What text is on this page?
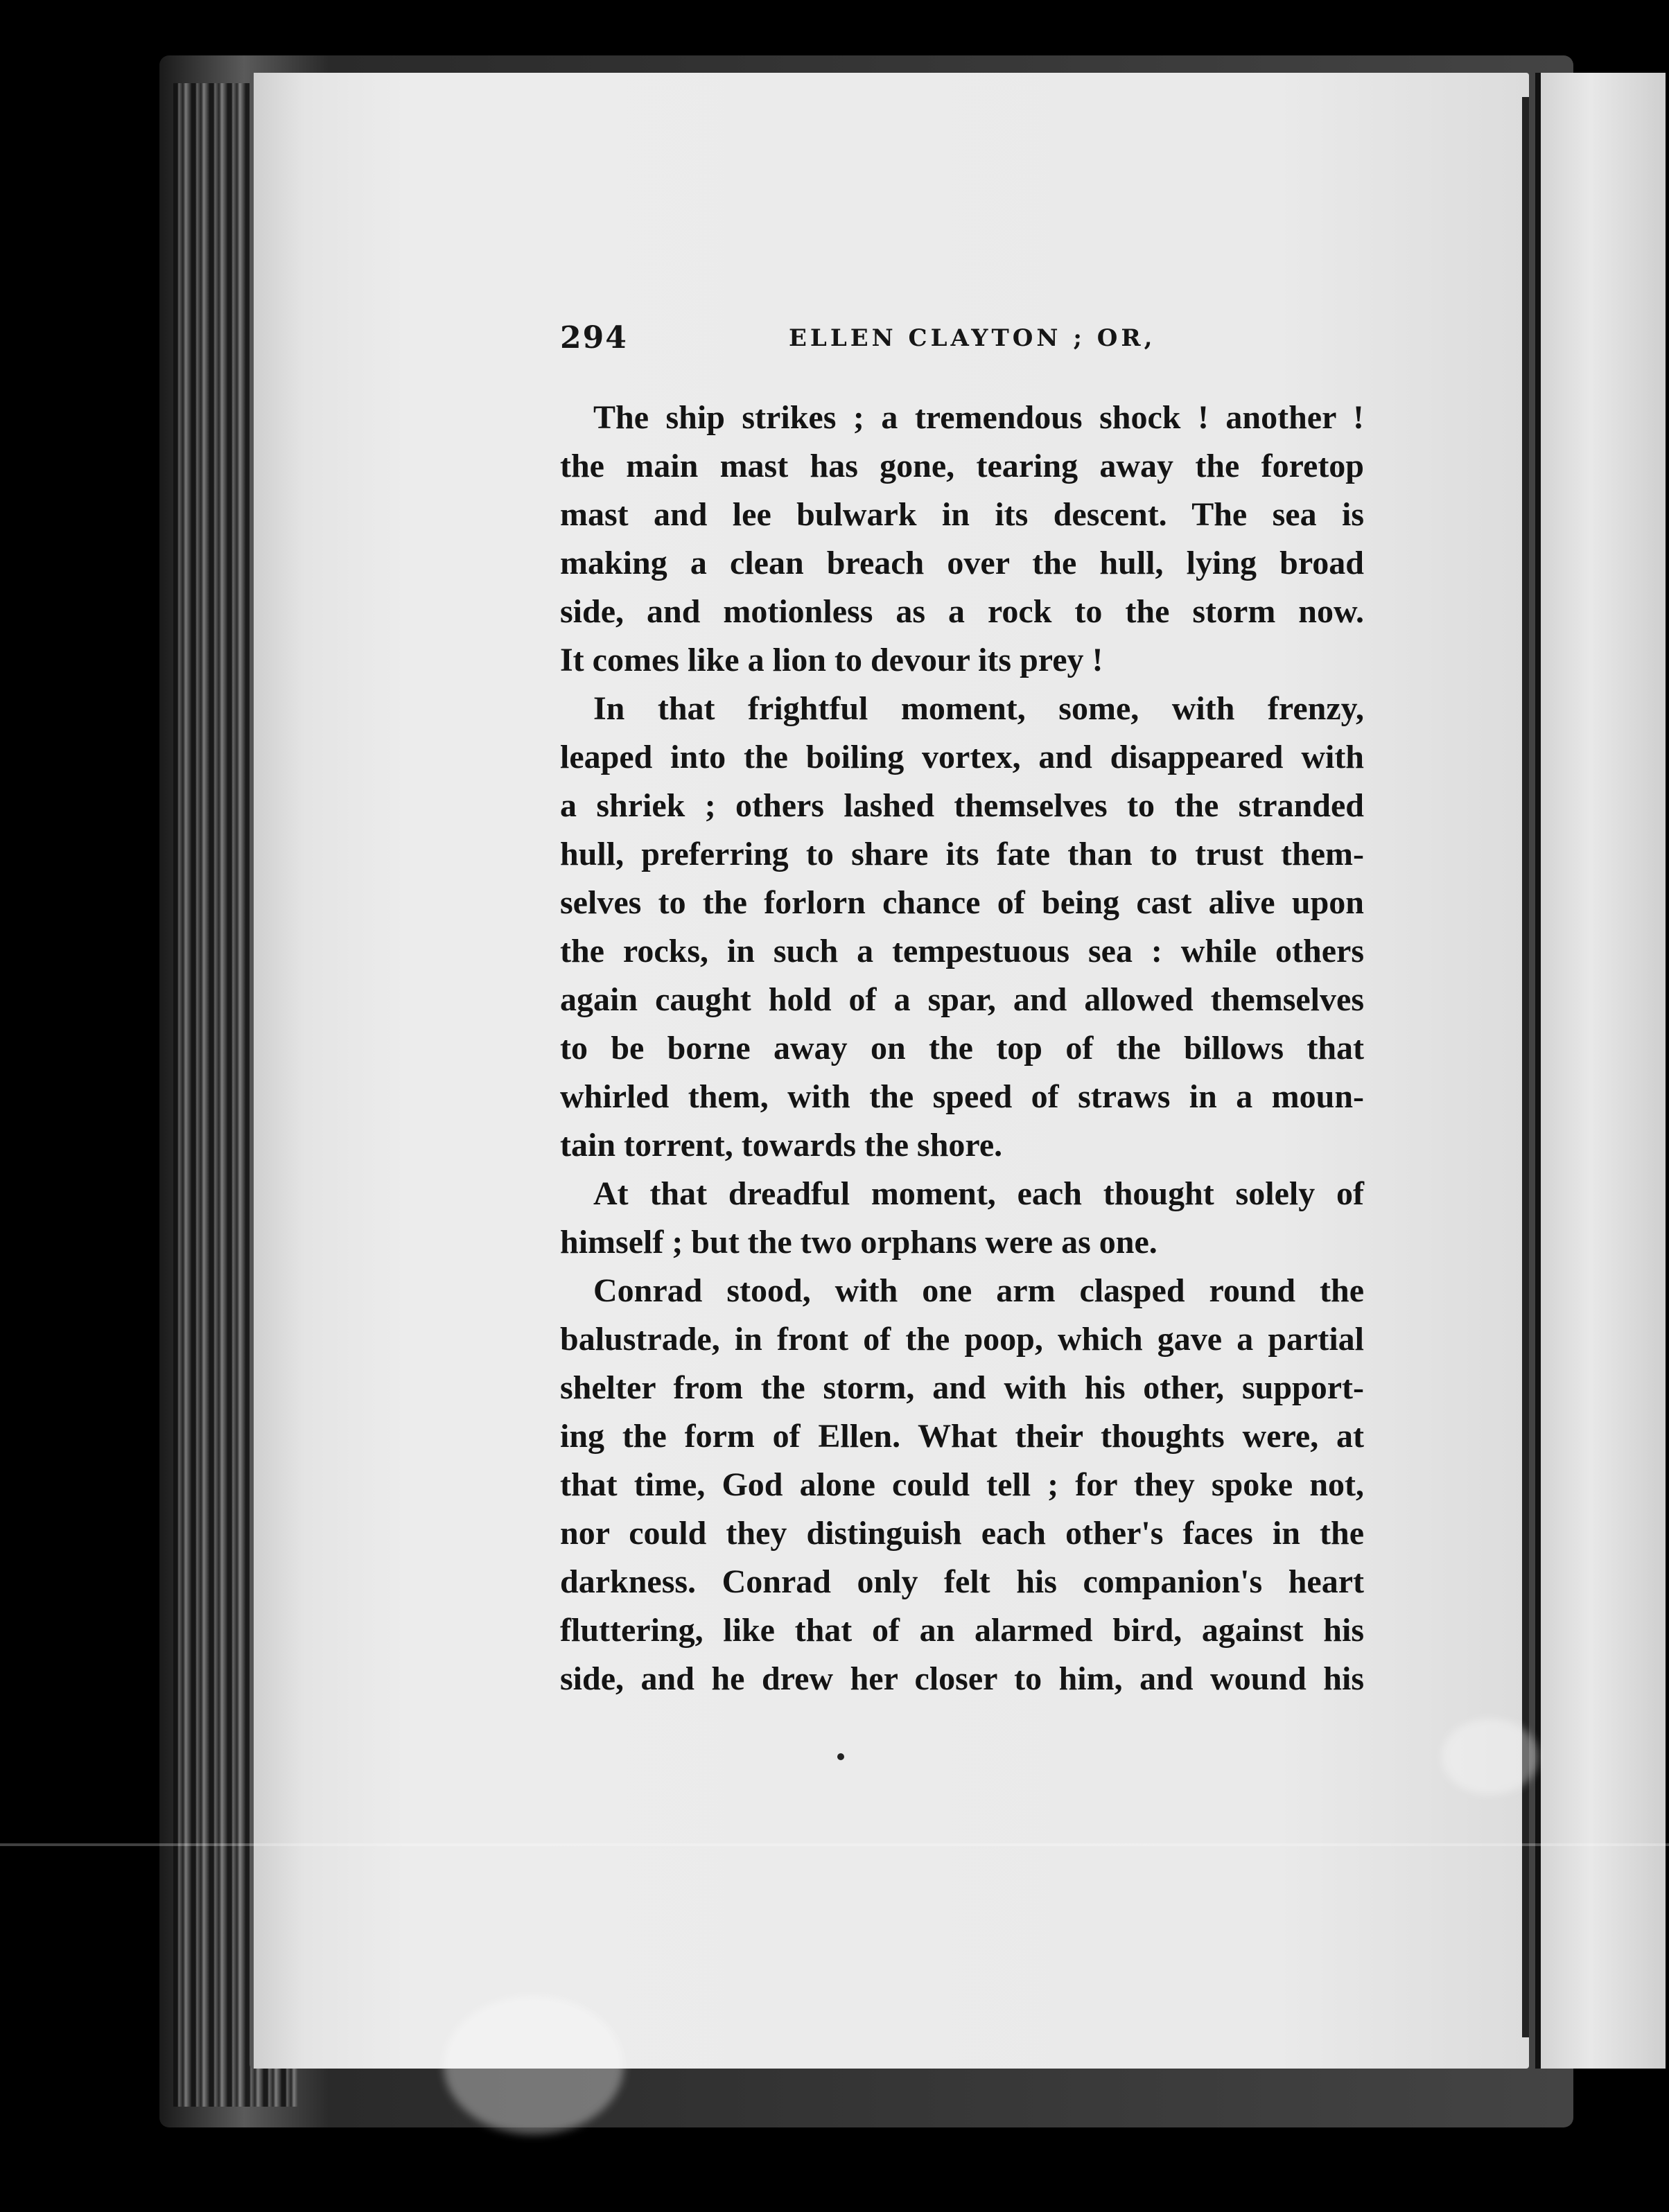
294	ELLEN CLAYTON ; OR,
The ship strikes ; a tremendous shock ! another !
the main mast has gone, tearing away the foretop
mast and lee bulwark in its descent. The sea is
making a clean breach over the hull, lying broad
side, and motionless as a rock to the storm now.
It comes like a lion to devour its prey !
In that frightful moment, some, with frenzy,
leaped into the boiling vortex, and disappeared with
a shriek ; others lashed themselves to the stranded
hull, preferring to share its fate than to trust them-
selves to the forlorn chance of being cast alive upon
the rocks, in such a tempestuous sea : while others
again caught hold of a spar, and allowed themselves
to be borne away on the top of the billows that
whirled them, with the speed of straws in a moun-
tain torrent, towards the shore.
At that dreadful moment, each thought solely of
himself ; but the two orphans were as one.
Conrad stood, with one arm clasped round the
balustrade, in front of the poop, which gave a partial
shelter from the storm, and with his other, support-
ing the form of Ellen. What their thoughts were, at
that time, God alone could tell ; for they spoke not,
nor could they distinguish each other's faces in the
darkness. Conrad only felt his companion's heart
fluttering, like that of an alarmed bird, against his
side, and he drew her closer to him, and wound his
